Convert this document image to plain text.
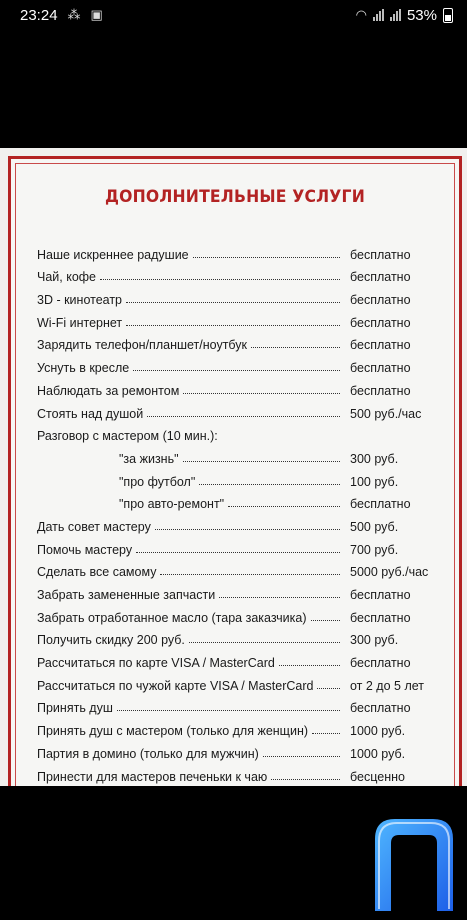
23:24 ⁂ ▣	◠	53%
ДОПОЛНИТЕЛЬНЫЕ УСЛУГИ
Наше искреннее радушие	бесплатно
Чай, кофе	бесплатно
3D - кинотеатр	бесплатно
Wi-Fi интернет	бесплатно
Зарядить телефон/планшет/ноутбук	бесплатно
Уснуть в кресле	бесплатно
Наблюдать за ремонтом	бесплатно
Стоять над душой	500 руб./час
Разговор с мастером (10 мин.):
"за жизнь"	300 руб.
"про футбол"	100 руб.
"про авто-ремонт"	бесплатно
Дать совет мастеру	500 руб.
Помочь мастеру	700 руб.
Сделать все самому	5000 руб./час
Забрать замененные запчасти	бесплатно
Забрать отработанное масло (тара заказчика)	бесплатно
Получить скидку 200 руб.	300 руб.
Рассчитаться по карте VISA / MasterCard	бесплатно
Рассчитаться по чужой карте VISA / MasterCard	от 2 до 5 лет
Принять душ	бесплатно
Принять душ с мастером (только для женщин)	1000 руб.
Партия в домино (только для мужчин)	1000 руб.
Принести для мастеров печеньки к чаю	бесценно
